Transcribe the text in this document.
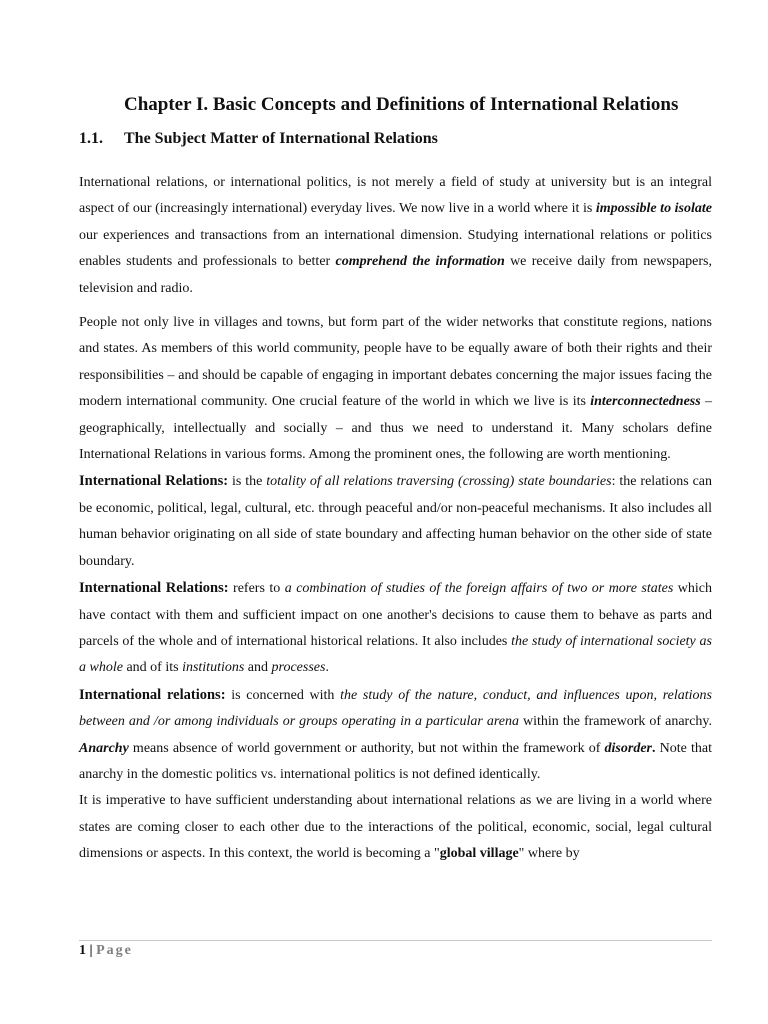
Chapter I. Basic Concepts and Definitions of International Relations
1.1. The Subject Matter of International Relations

International relations, or international politics, is not merely a field of study at university but is an integral aspect of our (increasingly international) everyday lives. We now live in a world where it is impossible to isolate our experiences and transactions from an international dimension. Studying international relations or politics enables students and professionals to better comprehend the information we receive daily from newspapers, television and radio.

People not only live in villages and towns, but form part of the wider networks that constitute regions, nations and states. As members of this world community, people have to be equally aware of both their rights and their responsibilities – and should be capable of engaging in important debates concerning the major issues facing the modern international community. One crucial feature of the world in which we live is its interconnectedness – geographically, intellectually and socially – and thus we need to understand it. Many scholars define International Relations in various forms. Among the prominent ones, the following are worth mentioning.

International Relations: is the totality of all relations traversing (crossing) state boundaries: the relations can be economic, political, legal, cultural, etc. through peaceful and/or non-peaceful mechanisms. It also includes all human behavior originating on all side of state boundary and affecting human behavior on the other side of state boundary.

International Relations: refers to a combination of studies of the foreign affairs of two or more states which have contact with them and sufficient impact on one another's decisions to cause them to behave as parts and parcels of the whole and of international historical relations. It also includes the study of international society as a whole and of its institutions and processes.

International relations: is concerned with the study of the nature, conduct, and influences upon, relations between and /or among individuals or groups operating in a particular arena within the framework of anarchy. Anarchy means absence of world government or authority, but not within the framework of disorder. Note that anarchy in the domestic politics vs. international politics is not defined identically.

It is imperative to have sufficient understanding about international relations as we are living in a world where states are coming closer to each other due to the interactions of the political, economic, social, legal cultural dimensions or aspects. In this context, the world is becoming a "global village" where by

1 | Page
